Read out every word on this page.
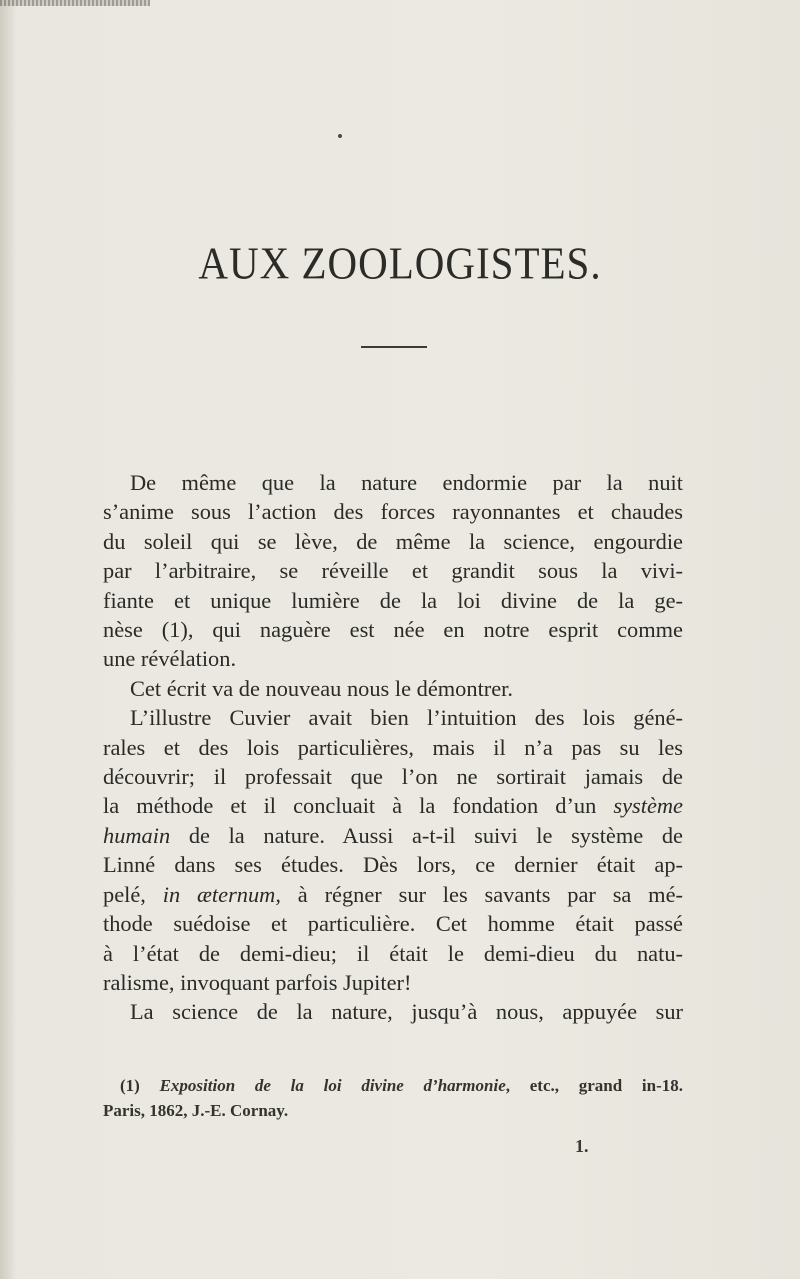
AUX ZOOLOGISTES.

De même que la nature endormie par la nuit

s’anime sous l’action des forces rayonnantes et chaudes
du soleil qui se lève, de même la science, engourdie
par l’arbitraire, se réveille et grandit sous la vivi-
fiante et unique lumière de la loi divine de la ge-
nèse (1), qui naguère est née en notre esprit comme
une révélation.
Cet écrit va de nouveau nous le démontrer.
L’illustre Cuvier avait bien l’intuition des lois géné-
rales et des lois particulières, mais il n’a pas su les
découvrir; il professait que l’on ne sortirait jamais de
la méthode et il concluait à la fondation d’un système
humain de la nature. Aussi a-t-il suivi le système de
Linné dans ses études. Dès lors, ce dernier était ap-
pelé, in æternum, à régner sur les savants par sa mé-
thode suédoise et particulière. Cet homme était passé
à l’état de demi-dieu; il était le demi-dieu du natu-
ralisme, invoquant parfois Jupiter!
La science de la nature, jusqu’à nous, appuyée sur
(1) Exposition de la loi divine d’harmonie, etc., grand in-18.
Paris, 1862, J.-E. Cornay.
1.
